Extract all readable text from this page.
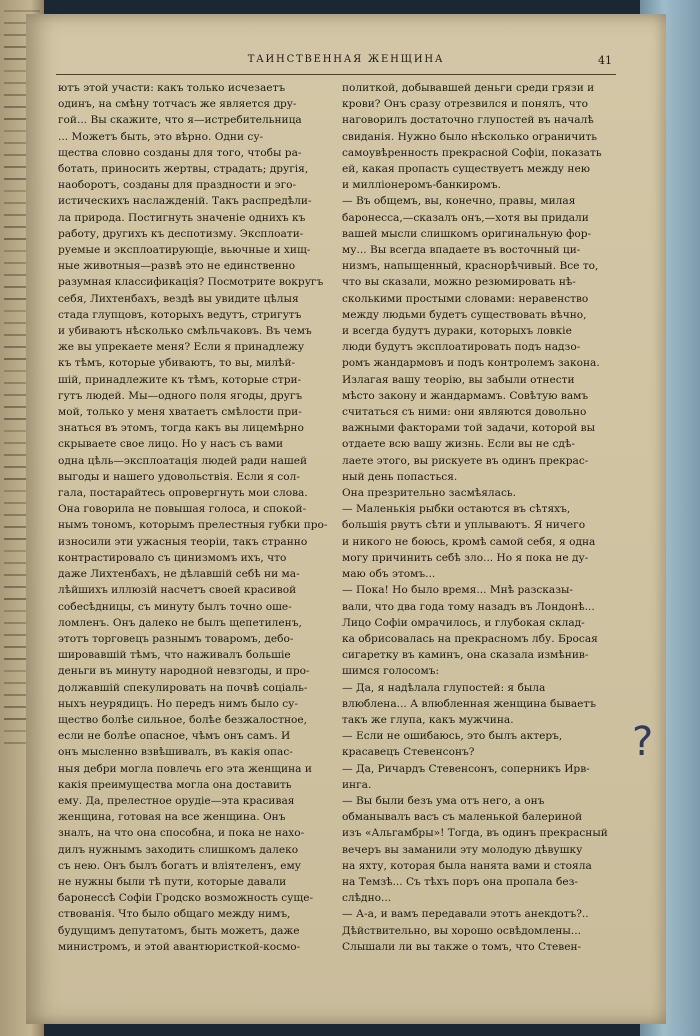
ТАИНСТВЕННАЯ ЖЕНЩИНА	41
ютъ этой участи: какъ только исчезаетъ
одинъ, на смѣну тотчасъ же является дру-
гой... Вы скажите, что я—истребительница
... Можетъ быть, это вѣрно. Одни су-
щества словно созданы для того, чтобы ра-
ботать, приносить жертвы, страдать; другія,
наоборотъ, созданы для праздности и эго-
истическихъ наслажденій. Такъ распредѣли-
ла природа. Постигнуть значеніе однихъ къ
работу, другихъ къ деспотизму. Эксплоати-
руемые и эксплоатирующіе, вьючные и хищ-
ные животныя—развѣ это не единственно
разумная классификація? Посмотрите вокругъ
себя, Лихтенбахъ, вездѣ вы увидите цѣлыя
стада глупцовъ, которыхъ ведутъ, стригутъ
и убиваютъ нѣсколько смѣльчаковъ. Въ чемъ
же вы упрекаете меня? Если я принадлежу
къ тѣмъ, которые убиваютъ, то вы, милѣй-
шій, принадлежите къ тѣмъ, которые стри-
гутъ людей. Мы—одного поля ягоды, другъ
мой, только у меня хватаетъ смѣлости при-
знаться въ этомъ, тогда какъ вы лицемѣрно
скрываете свое лицо. Но у насъ съ вами
одна цѣль—эксплоатація людей ради нашей
выгоды и нашего удовольствія. Если я сол-
гала, постарайтесь опровергнуть мои слова.
Она говорила не повышая голоса, и спокой-
нымъ тономъ, которымъ прелестныя губки про-
износили эти ужасныя теоріи, такъ странно
контрастировало съ цинизмомъ ихъ, что
даже Лихтенбахъ, не дѣлавшій себѣ ни ма-
лѣйшихъ иллюзій насчетъ своей красивой
собесѣдницы, съ минуту былъ точно оше-
ломленъ. Онъ далеко не былъ щепетиленъ,
этотъ торговецъ разнымъ товаромъ, дебо-
шировавшій тѣмъ, что наживалъ большіе
деньги въ минуту народной невзгоды, и про-
должавшій спекулировать на почвѣ соціаль-
ныхъ неурядицъ. Но передъ нимъ было су-
щество болѣе сильное, болѣе безжалостное,
если не болѣе опасное, чѣмъ онъ самъ. И
онъ мысленно взвѣшивалъ, въ какія опас-
ныя дебри могла повлечь его эта женщина и
какія преимущества могла она доставить
ему. Да, прелестное орудіе—эта красивая
женщина, готовая на все женщина. Онъ
зналъ, на что она способна, и пока не нахо-
дилъ нужнымъ заходить слишкомъ далеко
съ нею. Онъ былъ богатъ и влiятеленъ, ему
не нужны были тѣ пути, которые давали
баронессѣ Софіи Гродско возможность суще-
ствованія. Что было общаго между нимъ,
будущимъ депутатомъ, быть можетъ, даже
министромъ, и этой авантюристкой-космо-
политкой, добывавшей деньги среди грязи и
крови? Онъ сразу отрезвился и понялъ, что
наговорилъ достаточно глупостей въ началѣ
свиданія. Нужно было нѣсколько ограничить
самоувѣренность прекрасной Софіи, показать
ей, какая пропасть существуетъ между нею
и милліонеромъ-банкиромъ.
— Въ общемъ, вы, конечно, правы, милая
баронесса,—сказалъ онъ,—хотя вы придали
вашей мысли слишкомъ оригинальную фор-
му... Вы всегда впадаете въ восточный ци-
низмъ, напыщенный, краснорѣчивый. Все то,
что вы сказали, можно резюмировать нѣ-
сколькими простыми словами: неравенство
между людьми будетъ существовать вѣчно,
и всегда будутъ дураки, которыхъ ловкіе
люди будутъ эксплоатировать подъ надзо-
ромъ жандармовъ и подъ контролемъ закона.
Излагая вашу теорію, вы забыли отнести
мѣсто закону и жандармамъ. Совѣтую вамъ
считаться съ ними: они являются довольно
важными факторами той задачи, которой вы
отдаете всю вашу жизнь. Если вы не сдѣ-
лаете этого, вы рискуете въ одинъ прекрас-
ный день попасться.
Она презрительно засмѣялась.
— Маленькія рыбки остаются въ сѣтяхъ,
большія рвутъ сѣти и уплываютъ. Я ничего
и никого не боюсь, кромѣ самой себя, я одна
могу причинить себѣ зло... Но я пока не ду-
маю объ этомъ...
— Пока! Но было время... Мнѣ разсказы-
вали, что два года тому назадъ въ Лондонѣ...
Лицо Софіи омрачилось, и глубокая склад-
ка обрисовалась на прекрасномъ лбу. Бросая
сигаретку въ каминъ, она сказала измѣнив-
шимся голосомъ:
— Да, я надѣлала глупостей: я была
влюблена... А влюбленная женщина бываетъ
такъ же глупа, какъ мужчина.
— Если не ошибаюсь, это былъ актеръ,
красавецъ Стевенсонъ?
— Да, Ричардъ Стевенсонъ, соперникъ Ирв-
инга.
— Вы были безъ ума отъ него, а онъ
обманывалъ васъ съ маленькой балериной
изъ «Альгамбры»! Тогда, въ одинъ прекрасный
вечеръ вы заманили эту молодую дѣвушку
на яхту, которая была нанята вами и стояла
на Темзѣ... Съ тѣхъ поръ она пропала без-
слѣдно...
— А-а, и вамъ передавали этотъ анекдотъ?..
Дѣйствительно, вы хорошо освѣдомлены...
Слышали ли вы также о томъ, что Стевен-
?
